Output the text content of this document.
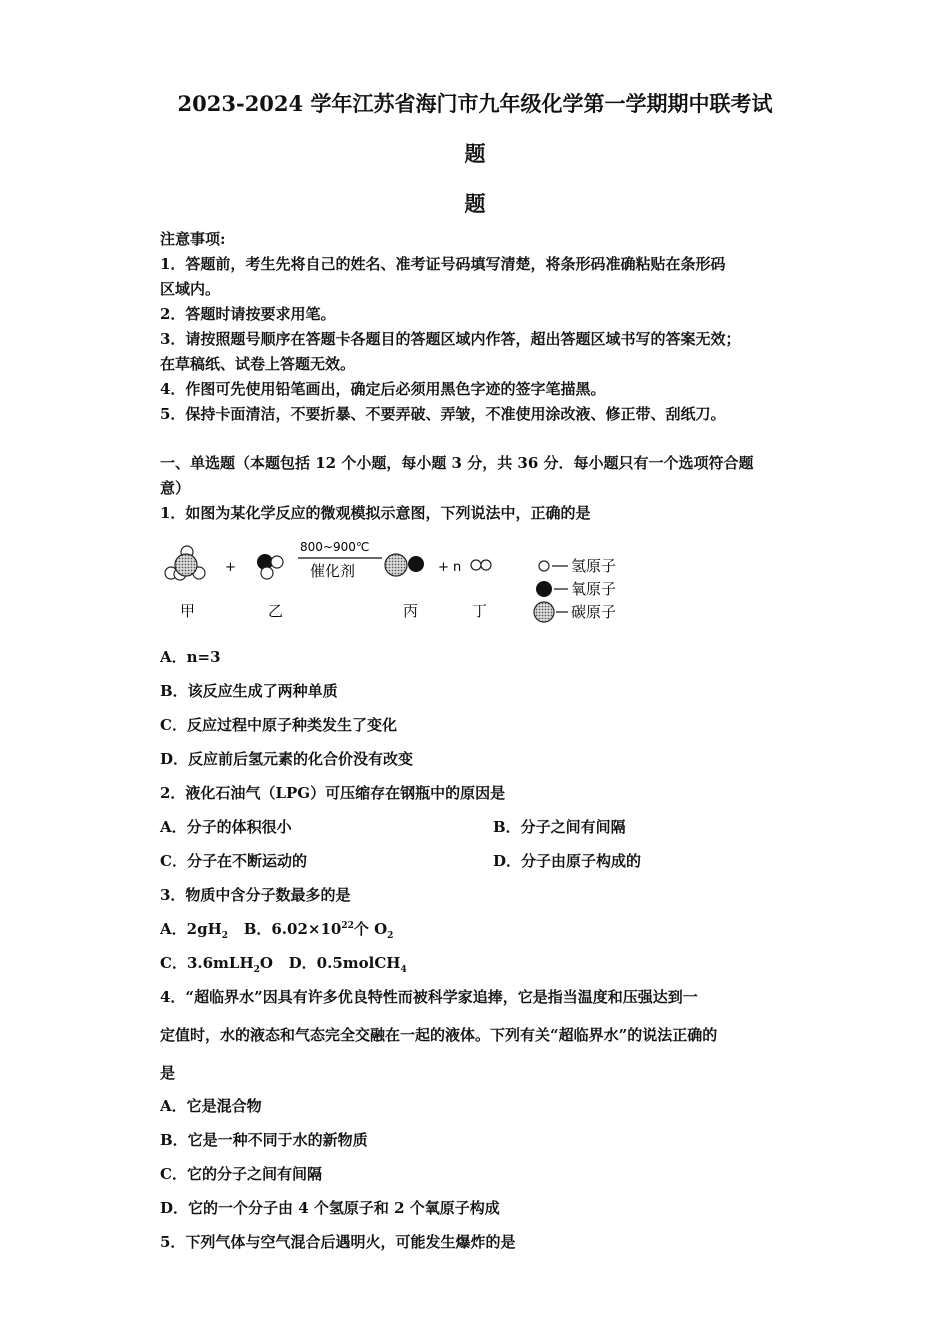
2023-2024 学年江苏省海门市九年级化学第一学期期中联考试
题
题
注意事项:
1．答题前，考生先将自己的姓名、准考证号码填写清楚，将条形码准确粘贴在条形码
区域内。
2．答题时请按要求用笔。
3．请按照题号顺序在答题卡各题目的答题区域内作答，超出答题区域书写的答案无效；
在草稿纸、试卷上答题无效。
4．作图可先使用铅笔画出，确定后必须用黑色字迹的签字笔描黑。
5．保持卡面清洁，不要折暴、不要弄破、弄皱，不准使用涂改液、修正带、刮纸刀。
一、单选题（本题包括 12 个小题，每小题 3 分，共 36 分．每小题只有一个选项符合题
意）
1．如图为某化学反应的微观模拟示意图，下列说法中，正确的是
+
800~900℃
催化剂	+ n
甲	乙	丙	丁
氢原子
氧原子
碳原子
A．n=3
B．该反应生成了两种单质
C．反应过程中原子种类发生了变化
D．反应前后氢元素的化合价没有改变
2．液化石油气（LPG）可压缩存在钢瓶中的原因是
A．分子的体积很小	B．分子之间有间隔
C．分子在不断运动的	D．分子由原子构成的
3．物质中含分子数最多的是
A．$2gH_2$ B．$6.02\times 10^{22}$个 $O_2$
C．3.6mLH$_2$O D．0.5molCH$_4$
4．“超临界水”因具有许多优良特性而被科学家追捧，它是指当温度和压强达到一
定值时，水的液态和气态完全交融在一起的液体。下列有关“超临界水”的说法正确的
是
A．它是混合物
B．它是一种不同于水的新物质
C．它的分子之间有间隔
D．它的一个分子由 4 个氢原子和 2 个氧原子构成
5．下列气体与空气混合后遇明火，可能发生爆炸的是
